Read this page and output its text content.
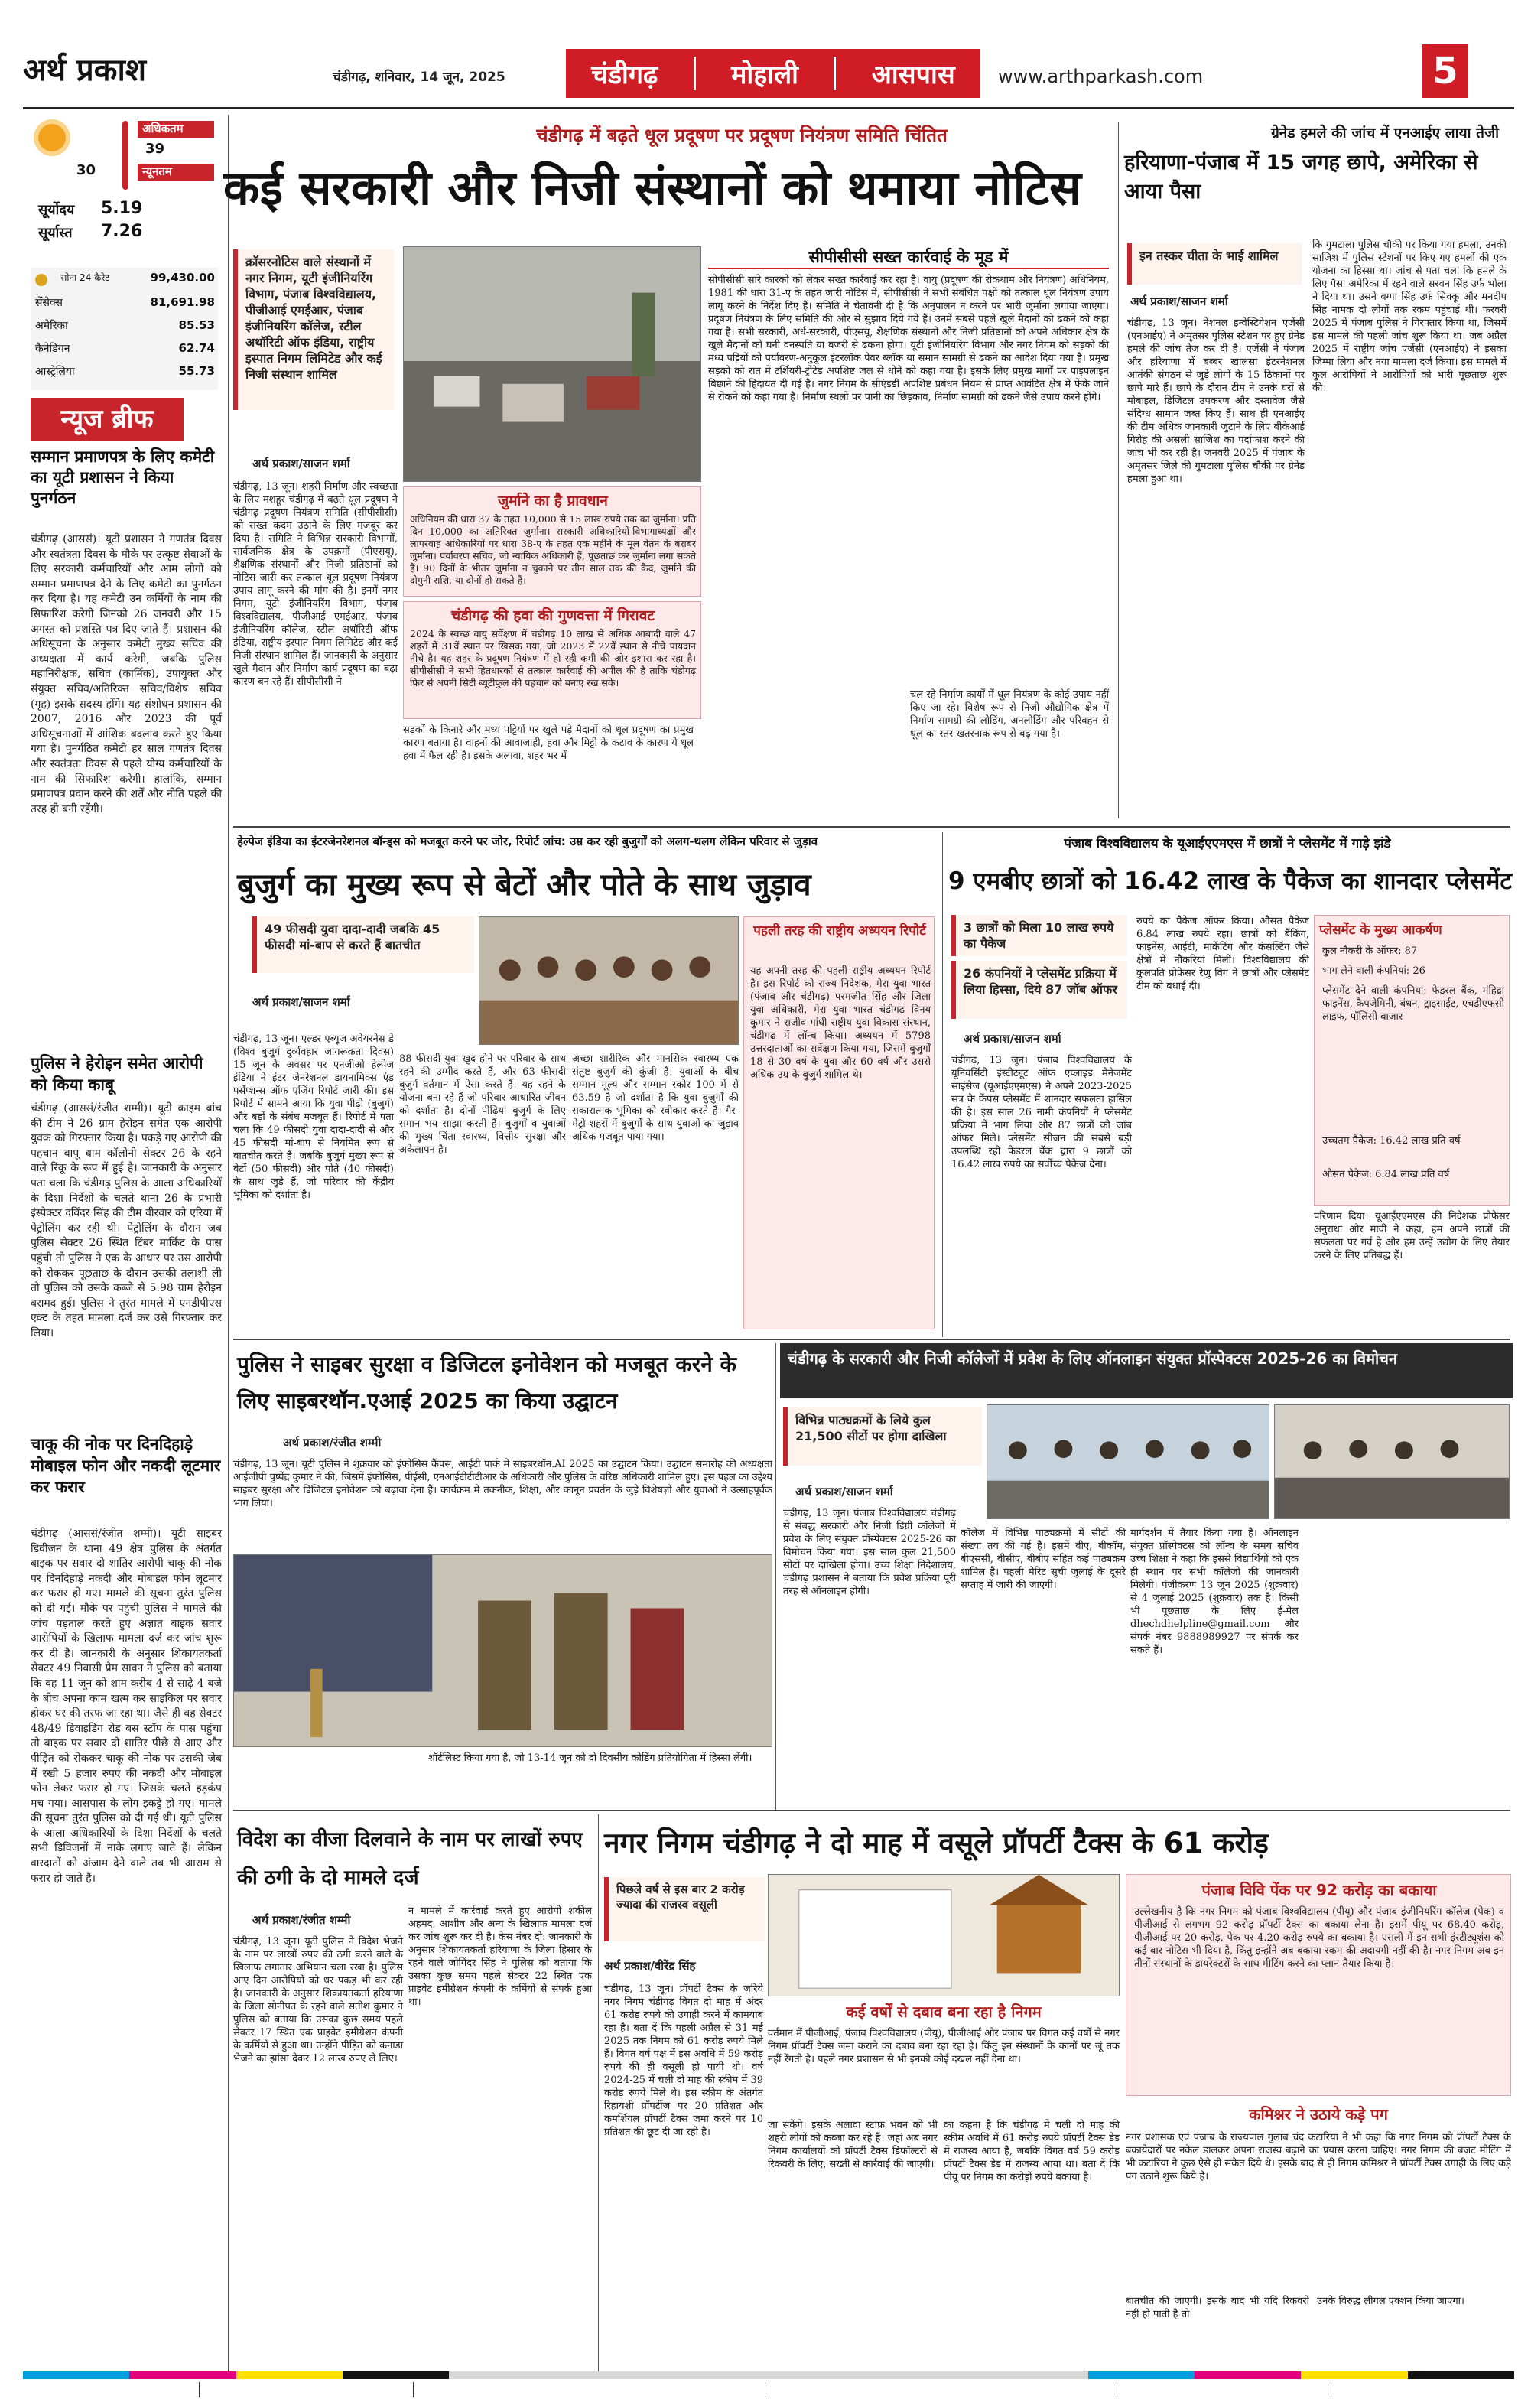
अर्थ प्रकाश	चंडीगढ़, शनिवार, 14 जून, 2025	चंडीगढ़	मोहाली	आसपास www.arthparkash.com	5
अधिकतम
39
30	न्यूनतम
सूर्योदय	5.19
सूर्यास्त	7.26
सोना 24 कैरेट	99,430.00
सेंसेक्स	81,691.98
अमेरिका	85.53
कैनेडियन	62.74
आस्ट्रेलिया	55.73
न्यूज ब्रीफ
सम्मान प्रमाणपत्र के लिए कमेटी का यूटी प्रशासन ने किया पुनर्गठन
चंडीगढ़ (आससं)। यूटी प्रशासन ने गणतंत्र दिवस और स्वतंत्रता दिवस के मौके पर उत्कृष्ट सेवाओं के लिए सरकारी कर्मचारियों और आम लोगों को सम्मान प्रमाणपत्र देने के लिए कमेटी का पुनर्गठन कर दिया है। यह कमेटी उन कर्मियों के नाम की सिफारिश करेगी जिनको 26 जनवरी और 15 अगस्त को प्रशस्ति पत्र दिए जाते हैं। प्रशासन की अधिसूचना के अनुसार कमेटी मुख्य सचिव की अध्यक्षता में कार्य करेगी, जबकि पुलिस महानिरीक्षक, सचिव (कार्मिक), उपायुक्त और संयुक्त सचिव/अतिरिक्त सचिव/विशेष सचिव (गृह) इसके सदस्य होंगे। यह संशोधन प्रशासन की 2007, 2016 और 2023 की पूर्व अधिसूचनाओं में आंशिक बदलाव करते हुए किया गया है। पुनर्गठित कमेटी हर साल गणतंत्र दिवस और स्वतंत्रता दिवस से पहले योग्य कर्मचारियों के नाम की सिफारिश करेगी। हालांकि, सम्मान प्रमाणपत्र प्रदान करने की शर्तें और नीति पहले की तरह ही बनी रहेंगी।
पुलिस ने हेरोइन समेत आरोपी को किया काबू
चंडीगढ़ (आससं/रंजीत शम्मी)। यूटी क्राइम ब्रांच की टीम ने 26 ग्राम हेरोइन समेत एक आरोपी युवक को गिरफ्तार किया है। पकड़े गए आरोपी की पहचान बापू धाम कॉलोनी सेक्टर 26 के रहने वाले रिंकू के रूप में हुई है। जानकारी के अनुसार पता चला कि चंडीगढ़ पुलिस के आला अधिकारियों के दिशा निर्देशों के चलते थाना 26 के प्रभारी इंस्पेक्टर दविंदर सिंह की टीम वीरवार को एरिया में पेट्रोलिंग कर रही थी। पेट्रोलिंग के दौरान जब पुलिस सेक्टर 26 स्थित टिंबर मार्किट के पास पहुंची तो पुलिस ने एक के आधार पर उस आरोपी को रोककर पूछताछ के दौरान उसकी तलाशी ली तो पुलिस को उसके कब्जे से 5.98 ग्राम हेरोइन बरामद हुई। पुलिस ने तुरंत मामले में एनडीपीएस एक्ट के तहत मामला दर्ज कर उसे गिरफ्तार कर लिया।
चाकू की नोक पर दिनदिहाड़े मोबाइल फोन और नकदी लूटमार कर फरार
चंडीगढ़ (आससं/रंजीत शम्मी)। यूटी साइबर डिवीजन के थाना 49 क्षेत्र पुलिस के अंतर्गत बाइक पर सवार दो शातिर आरोपी चाकू की नोक पर दिनदिहाड़े नकदी और मोबाइल फोन लूटमार कर फरार हो गए। मामले की सूचना तुरंत पुलिस को दी गई। मौके पर पहुंची पुलिस ने मामले की जांच पड़ताल करते हुए अज्ञात बाइक सवार आरोपियों के खिलाफ मामला दर्ज कर जांच शुरू कर दी है। जानकारी के अनुसार शिकायतकर्ता सेक्टर 49 निवासी प्रेम सावन ने पुलिस को बताया कि वह 11 जून को शाम करीब 4 से साढ़े 4 बजे के बीच अपना काम खत्म कर साइकिल पर सवार होकर घर की तरफ जा रहा था। जैसे ही वह सेक्टर 48/49 डिवाइडिंग रोड बस स्टॉप के पास पहुंचा तो बाइक पर सवार दो शातिर पीछे से आए और पीड़ित को रोककर चाकू की नोक पर उसकी जेब में रखी 5 हजार रुपए की नकदी और मोबाइल फोन लेकर फरार हो गए। जिसके चलते हड़कंप मच गया। आसपास के लोग इकट्ठे हो गए। मामले की सूचना तुरंत पुलिस को दी गई थी। यूटी पुलिस के आला अधिकारियों के दिशा निर्देशों के चलते सभी डिविजनों में नाके लगाए जाते हैं। लेकिन वारदातों को अंजाम देने वाले तब भी आराम से फरार हो जाते हैं।
चंडीगढ़ में बढ़ते धूल प्रदूषण पर प्रदूषण नियंत्रण समिति चिंतित
कई सरकारी और निजी संस्थानों को थमाया नोटिस
क्रॉसरनोटिस वाले संस्थानों में नगर निगम, यूटी इंजीनियरिंग विभाग, पंजाब विश्वविद्यालय, पीजीआई एमईआर, पंजाब इंजीनियरिंग कॉलेज, स्टील अथॉरिटी ऑफ इंडिया, राष्ट्रीय इस्पात निगम लिमिटेड और कई निजी संस्थान शामिल
अर्थ प्रकाश/साजन शर्मा
चंडीगढ़, 13 जून। शहरी निर्माण और स्वच्छता के लिए मशहूर चंडीगढ़ में बढ़ते धूल प्रदूषण ने चंडीगढ़ प्रदूषण नियंत्रण समिति (सीपीसीसी) को सख्त कदम उठाने के लिए मजबूर कर दिया है। समिति ने विभिन्न सरकारी विभागों, सार्वजनिक क्षेत्र के उपक्रमों (पीएसयू), शैक्षणिक संस्थानों और निजी प्रतिष्ठानों को नोटिस जारी कर तत्काल धूल प्रदूषण नियंत्रण उपाय लागू करने की मांग की है। इनमें नगर निगम, यूटी इंजीनियरिंग विभाग, पंजाब विश्वविद्यालय, पीजीआई एमईआर, पंजाब इंजीनियरिंग कॉलेज, स्टील अथॉरिटी ऑफ इंडिया, राष्ट्रीय इस्पात निगम लिमिटेड और कई निजी संस्थान शामिल हैं। जानकारी के अनुसार खुले मैदान और निर्माण कार्य प्रदूषण का बढ़ा कारण बन रहे हैं। सीपीसीसी ने
जुर्माने का है प्रावधान
अधिनियम की धारा 37 के तहत 10,000 से 15 लाख रुपये तक का जुर्माना। प्रति दिन 10,000 का अतिरिक्त जुर्माना। सरकारी अधिकारियों-विभागाध्यक्षों और लापरवाह अधिकारियों पर धारा 38-ए के तहत एक महीने के मूल वेतन के बराबर जुर्माना। पर्यावरण सचिव, जो न्यायिक अधिकारी हैं, पूछताछ कर जुर्माना लगा सकते हैं। 90 दिनों के भीतर जुर्माना न चुकाने पर तीन साल तक की कैद, जुर्माने की दोगुनी राशि, या दोनों हो सकते हैं।
चंडीगढ़ की हवा की गुणवत्ता में गिरावट
2024 के स्वच्छ वायु सर्वेक्षण में चंडीगढ़ 10 लाख से अधिक आबादी वाले 47 शहरों में 31वें स्थान पर खिसक गया, जो 2023 में 22वें स्थान से नीचे पायदान नीचे है। यह शहर के प्रदूषण नियंत्रण में हो रही कमी की ओर इशारा कर रहा है। सीपीसीसी ने सभी हितधारकों से तत्काल कार्रवाई की अपील की है ताकि चंडीगढ़ फिर से अपनी सिटी ब्यूटीफुल की पहचान को बनाए रख सके।
सड़कों के किनारे और मध्य पट्टियों पर खुले पड़े मैदानों को धूल प्रदूषण का प्रमुख कारण बताया है। वाहनों की आवाजाही, हवा और मिट्टी के कटाव के कारण ये धूल हवा में फैल रही है। इसके अलावा, शहर भर में
सीपीसीसी सख्त कार्रवाई के मूड में
सीपीसीसी सारे कारकों को लेकर सख्त कार्रवाई कर रहा है। वायु (प्रदूषण की रोकथाम और नियंत्रण) अधिनियम, 1981 की धारा 31-ए के तहत जारी नोटिस में, सीपीसीसी ने सभी संबंधित पक्षों को तत्काल धूल नियंत्रण उपाय लागू करने के निर्देश दिए हैं। समिति ने चेतावनी दी है कि अनुपालन न करने पर भारी जुर्माना लगाया जाएगा। प्रदूषण नियंत्रण के लिए समिति की ओर से सुझाव दिये गये हैं। उनमें सबसे पहले खुले मैदानों को ढकने को कहा गया है। सभी सरकारी, अर्ध-सरकारी, पीएसयू, शैक्षणिक संस्थानों और निजी प्रतिष्ठानों को अपने अधिकार क्षेत्र के खुले मैदानों को घनी वनस्पति या बजरी से ढकना होगा। यूटी इंजीनियरिंग विभाग और नगर निगम को सड़कों की मध्य पट्टियों को पर्यावरण-अनुकूल इंटरलॉक पेवर ब्लॉक या समान सामग्री से ढकने का आदेश दिया गया है। प्रमुख सड़कों को रात में टर्शियरी-ट्रीटेड अपशिष्ट जल से धोने को कहा गया है। इसके लिए प्रमुख मार्गों पर पाइपलाइन बिछाने की हिदायत दी गई है। नगर निगम के सीएंडडी अपशिष्ट प्रबंधन नियम से प्राप्त आवंटित क्षेत्र में फेंके जाने से रोकने को कहा गया है। निर्माण स्थलों पर पानी का छिड़काव, निर्माण सामग्री को ढकने जैसे उपाय करने होंगे।
चल रहे निर्माण कार्यों में धूल नियंत्रण के कोई उपाय नहीं किए जा रहे। विशेष रूप से निजी औद्योगिक क्षेत्र में निर्माण सामग्री की लोडिंग, अनलोडिंग और परिवहन से धूल का स्तर खतरनाक रूप से बढ़ गया है।
ग्रेनेड हमले की जांच में एनआईए लाया तेजी
हरियाणा-पंजाब में 15 जगह छापे, अमेरिका से आया पैसा
इन तस्कर चीता के भाई शामिल
अर्थ प्रकाश/साजन शर्मा
चंडीगढ़, 13 जून। नेशनल इन्वेस्टिगेशन एजेंसी (एनआईए) ने अमृतसर पुलिस स्टेशन पर हुए ग्रेनेड हमले की जांच तेज कर दी है। एजेंसी ने पंजाब और हरियाणा में बब्बर खालसा इंटरनेशनल आतंकी संगठन से जुड़े लोगों के 15 ठिकानों पर छापे मारे हैं। छापे के दौरान टीम ने उनके घरों से मोबाइल, डिजिटल उपकरण और दस्तावेज जैसे संदिग्ध सामान जब्त किए हैं। साथ ही एनआईए की टीम अधिक जानकारी जुटाने के लिए बीकेआई गिरोह की असली साजिश का पर्दाफाश करने की जांच भी कर रही है। जनवरी 2025 में पंजाब के अमृतसर जिले की गुमटाला पुलिस चौकी पर ग्रेनेड हमला हुआ था।
कि गुमटाला पुलिस चौकी पर किया गया हमला, उनकी साजिश में पुलिस स्टेशनों पर किए गए हमलों की एक योजना का हिस्सा था। जांच से पता चला कि हमले के लिए पैसा अमेरिका में रहने वाले सरवन सिंह उर्फ भोला ने दिया था। उसने बग्गा सिंह उर्फ सिक्कू और मनदीप सिंह नामक दो लोगों तक रकम पहुंचाई थी। फरवरी 2025 में पंजाब पुलिस ने गिरफ्तार किया था, जिसमें इस मामले की पहली जांच शुरू किया था। जब अप्रैल 2025 में राष्ट्रीय जांच एजेंसी (एनआईए) ने इसका जिम्मा लिया और नया मामला दर्ज किया। इस मामले में कुल आरोपियों ने आरोपियों को भारी पूछताछ शुरू की।
हेल्पेज इंडिया का इंटरजेनरेशनल बॉन्ड्स को मजबूत करने पर जोर, रिपोर्ट लांच: उम्र कर रही बुजुर्गों को अलग-थलग लेकिन परिवार से जुड़ाव
बुजुर्ग का मुख्य रूप से बेटों और पोते के साथ जुड़ाव
49 फीसदी युवा दादा-दादी जबकि 45 फीसदी मां-बाप से करते हैं बातचीत
पहली तरह की राष्ट्रीय अध्ययन रिपोर्ट
यह अपनी तरह की पहली राष्ट्रीय अध्ययन रिपोर्ट है। इस रिपोर्ट को राज्य निदेशक, मेरा युवा भारत (पंजाब और चंडीगढ़) परमजीत सिंह और जिला युवा अधिकारी, मेरा युवा भारत चंडीगढ़ विनय कुमार ने राजीव गांधी राष्ट्रीय युवा विकास संस्थान, चंडीगढ़ में लॉन्च किया। अध्ययन में 5798 उत्तरदाताओं का सर्वेक्षण किया गया, जिसमें बुजुर्गों 18 से 30 वर्ष के युवा और 60 वर्ष और उससे अधिक उम्र के बुजुर्ग शामिल थे।
अर्थ प्रकाश/साजन शर्मा
चंडीगढ़, 13 जून। एल्डर एब्यूज अवेयरनेस डे (विश्व बुजुर्ग दुर्व्यवहार जागरूकता दिवस) 15 जून के अवसर पर एनजीओ हेल्पेज इंडिया ने इंटर जेनरेशनल डायनामिक्स एंड पर्सेप्शन्स ऑफ एजिंग रिपोर्ट जारी की। इस रिपोर्ट में सामने आया कि युवा पीढ़ी (बुजुर्ग) और बड़ों के संबंध मजबूत हैं। रिपोर्ट में पता चला कि 49 फीसदी युवा दादा-दादी से और 45 फीसदी मां-बाप से नियमित रूप से बातचीत करते हैं। जबकि बुजुर्ग मुख्य रूप से बेटों (50 फीसदी) और पोते (40 फीसदी) के साथ जुड़े हैं, जो परिवार की केंद्रीय भूमिका को दर्शाता है।
88 फीसदी युवा खुद होने पर परिवार के साथ रहने की उम्मीद करते हैं, और 63 फीसदी बुजुर्ग वर्तमान में ऐसा करते हैं। यह रहने के योजना बना रहे हैं जो परिवार आधारित जीवन को दर्शाता है। दोनों पीढ़ियां बुजुर्ग के लिए समान भय साझा करती हैं। बुजुर्गों व युवाओं की मुख्य चिंता स्वास्थ्य, वित्तीय सुरक्षा और अकेलापन है।
अच्छा शारीरिक और मानसिक स्वास्थ्य एक संतुष्ट बुजुर्ग की कुंजी है। युवाओं के बीच सम्मान मूल्य और सम्मान स्कोर 100 में से 63.59 है जो दर्शाता है कि युवा बुजुर्गों की सकारात्मक भूमिका को स्वीकार करते हैं। गैर-मेट्रो शहरों में बुजुर्गों के साथ युवाओं का जुड़ाव अधिक मजबूत पाया गया।
पंजाब विश्वविद्यालय के यूआईएएमएस में छात्रों ने प्लेसमेंट में गाड़े झंडे
9 एमबीए छात्रों को 16.42 लाख के पैकेज का शानदार प्लेसमेंट
3 छात्रों को मिला 10 लाख रुपये का पैकेज
26 कंपनियों ने प्लेसमेंट प्रक्रिया में लिया हिस्सा, दिये 87 जॉब ऑफर
अर्थ प्रकाश/साजन शर्मा
चंडीगढ़, 13 जून। पंजाब विश्वविद्यालय के यूनिवर्सिटी इंस्टीट्यूट ऑफ एप्लाइड मैनेजमेंट साइंसेज (यूआईएएमएस) ने अपने 2023-2025 सत्र के कैंपस प्लेसमेंट में शानदार सफलता हासिल की है। इस साल 26 नामी कंपनियों ने प्लेसमेंट प्रक्रिया में भाग लिया और 87 छात्रों को जॉब ऑफर मिले। प्लेसमेंट सीजन की सबसे बड़ी उपलब्धि रही फेडरल बैंक द्वारा 9 छात्रों को 16.42 लाख रुपये का सर्वोच्च पैकेज देना।
रुपये का पैकेज ऑफर किया। औसत पैकेज 6.84 लाख रुपये रहा। छात्रों को बैंकिंग, फाइनेंस, आईटी, मार्केटिंग और कंसल्टिंग जैसे क्षेत्रों में नौकरियां मिलीं। विश्वविद्यालय की कुलपति प्रोफेसर रेणु विग ने छात्रों और प्लेसमेंट टीम को बधाई दी।
प्लेसमेंट के मुख्य आकर्षण
कुल नौकरी के ऑफर: 87
भाग लेने वाली कंपनियां: 26
प्लेसमेंट देने वाली कंपनियां: फेडरल बैंक, मंहिद्रा फाइनेंस, कैपजेमिनी, बंधन, ट्राइसाईट, एचडीएफसी लाइफ, पॉलिसी बाजार
उच्चतम पैकेज: 16.42 लाख प्रति वर्ष
औसत पैकेज: 6.84 लाख प्रति वर्ष
परिणाम दिया। यूआईएएमएस की निदेशक प्रोफेसर अनुराधा ओर मावी ने कहा, हम अपने छात्रों की सफलता पर गर्व है और हम उन्हें उद्योग के लिए तैयार करने के लिए प्रतिबद्ध हैं।
पुलिस ने साइबर सुरक्षा व डिजिटल इनोवेशन को मजबूत करने के लिए साइबरथॉन.एआई 2025 का किया उद्घाटन
अर्थ प्रकाश/रंजीत शम्मी
चंडीगढ़, 13 जून। यूटी पुलिस ने शुक्रवार को इंफोसिस कैंपस, आईटी पार्क में साइबरथॉन.AI 2025 का उद्घाटन किया। उद्घाटन समारोह की अध्यक्षता आईजीपी पुष्पेंद्र कुमार ने की, जिसमें इंफोसिस, पीईसी, एनआईटीटीटीआर के अधिकारी और पुलिस के वरिष्ठ अधिकारी शामिल हुए। इस पहल का उद्देश्य साइबर सुरक्षा और डिजिटल इनोवेशन को बढ़ावा देना है। कार्यक्रम में तकनीक, शिक्षा, और कानून प्रवर्तन के जुड़े विशेषज्ञों और युवाओं ने उत्साहपूर्वक भाग लिया।
शॉर्टलिस्ट किया गया है, जो 13-14 जून को दो दिवसीय कोडिंग प्रतियोगिता में हिस्सा लेंगी।
चंडीगढ़ के सरकारी और निजी कॉलेजों में प्रवेश के लिए ऑनलाइन संयुक्त प्रॉस्पेक्टस 2025-26 का विमोचन
विभिन्न पाठ्यक्रमों के लिये कुल 21,500 सीटों पर होगा दाखिला
अर्थ प्रकाश/साजन शर्मा
चंडीगढ़, 13 जून। पंजाब विश्वविद्यालय चंडीगढ़ से संबद्ध सरकारी और निजी डिग्री कॉलेजों में प्रवेश के लिए संयुक्त प्रॉस्पेक्टस 2025-26 का विमोचन किया गया। इस साल कुल 21,500 सीटों पर दाखिला होगा। उच्च शिक्षा निदेशालय, चंडीगढ़ प्रशासन ने बताया कि प्रवेश प्रक्रिया पूरी तरह से ऑनलाइन होगी।
कॉलेज में विभिन्न पाठ्यक्रमों में सीटों की संख्या तय की गई है। इसमें बीए, बीकॉम, बीएससी, बीसीए, बीबीए सहित कई पाठ्यक्रम शामिल हैं। पहली मेरिट सूची जुलाई के दूसरे सप्ताह में जारी की जाएगी।
मार्गदर्शन में तैयार किया गया है। ऑनलाइन संयुक्त प्रॉस्पेक्टस को लॉन्च के समय सचिव उच्च शिक्षा ने कहा कि इससे विद्यार्थियों को एक ही स्थान पर सभी कॉलेजों की जानकारी मिलेगी। पंजीकरण 13 जून 2025 (शुक्रवार) से 4 जुलाई 2025 (शुक्रवार) तक है। किसी भी पूछताछ के लिए ई-मेल dhechdhelpline@gmail.com और संपर्क नंबर 9888989927 पर संपर्क कर सकते हैं।
विदेश का वीजा दिलवाने के नाम पर लाखों रुपए की ठगी के दो मामले दर्ज
अर्थ प्रकाश/रंजीत शम्मी
चंडीगढ़, 13 जून। यूटी पुलिस ने विदेश भेजने के नाम पर लाखों रुपए की ठगी करने वाले के खिलाफ लगातार अभियान चला रखा है। पुलिस आए दिन आरोपियों को धर पकड़ भी कर रही है। जानकारी के अनुसार शिकायतकर्ता हरियाणा के जिला सोनीपत के रहने वाले सतीश कुमार ने पुलिस को बताया कि उसका कुछ समय पहले सेक्टर 17 स्थित एक प्राइवेट इमीग्रेशन कंपनी के कर्मियों से हुआ था। उन्होंने पीड़ित को कनाडा भेजने का झांसा देकर 12 लाख रुपए ले लिए।
न मामले में कार्रवाई करते हुए आरोपी शकील अहमद, आशीष और अन्य के खिलाफ मामला दर्ज कर जांच शुरू कर दी है। केस नंबर दो: जानकारी के अनुसार शिकायतकर्ता हरियाणा के जिला हिसार के रहने वाले जोगिंदर सिंह ने पुलिस को बताया कि उसका कुछ समय पहले सेक्टर 22 स्थित एक प्राइवेट इमीग्रेशन कंपनी के कर्मियों से संपर्क हुआ था।
नगर निगम चंडीगढ़ ने दो माह में वसूले प्रॉपर्टी टैक्स के 61 करोड़
पिछले वर्ष से इस बार 2 करोड़ ज्यादा की राजस्व वसूली
अर्थ प्रकाश/वीरेंद्र सिंह
चंडीगढ़, 13 जून। प्रॉपर्टी टैक्स के जरिये नगर निगम चंडीगढ़ विगत दो माह में अंदर 61 करोड़ रुपये की उगाही करने में कामयाब रहा है। बता दें कि पहली अप्रैल से 31 मई 2025 तक निगम को 61 करोड़ रुपये मिले हैं। विगत वर्ष पक्ष में इस अवधि में 59 करोड़ रुपये की ही वसूली हो पायी थी। वर्ष 2024-25 में चली दो माह की स्कीम में 39 करोड़ रुपये मिले थे। इस स्कीम के अंतर्गत रिहायशी प्रॉपर्टीज पर 20 प्रतिशत और कमर्शियल प्रॉपर्टी टैक्स जमा करने पर 10 प्रतिशत की छूट दी जा रही है।
कई वर्षों से दबाव बना रहा है निगम
वर्तमान में पीजीआई, पंजाब विश्वविद्यालय (पीयू), पीजीआई और पंजाब पर विगत कई वर्षों से नगर निगम प्रॉपर्टी टैक्स जमा कराने का दबाव बना रहा रहा है। किंतु इन संस्थानों के कानों पर जूं तक नहीं रेंगती है। पहले नगर प्रशासन से भी इनको कोई दखल नहीं देना था।
जा सकेंगे। इसके अलावा स्टाफ़ भवन को भी शहरी लोगों को कब्जा कर रहे हैं। जहां अब नगर निगम कार्यालयों को प्रॉपर्टी टैक्स डिफॉल्टरों से रिकवरी के लिए, सख्ती से कार्रवाई की जाएगी।
का कहना है कि चंडीगढ़ में चली दो माह की स्कीम अवधि में 61 करोड़ रुपये प्रॉपर्टी टैक्स डेड में राजस्व आया है, जबकि विगत वर्ष 59 करोड़ प्रॉपर्टी टैक्स डेड में राजस्व आया था। बता दें कि पीयू पर निगम का करोड़ों रुपये बकाया है।
पंजाब विवि पेंक पर 92 करोड़ का बकाया
उल्लेखनीय है कि नगर निगम को पंजाब विश्वविद्यालय (पीयू) और पंजाब इंजीनियरिंग कॉलेज (पेक) व पीजीआई से लगभग 92 करोड़ प्रॉपर्टी टैक्स का बकाया लेना है। इसमें पीयू पर 68.40 करोड़, पीजीआई पर 20 करोड़, पेक पर 4.20 करोड़ रुपये का बकाया है। एसली में इन सभी इंस्टीट्यूशंस को कई बार नोटिस भी दिया है, किंतु इन्होंने अब बकाया रकम की अदायगी नहीं की है। नगर निगम अब इन तीनों संस्थानों के डायरेक्टरों के साथ मीटिंग करने का प्लान तैयार किया है।
कमिश्नर ने उठाये कड़े पग
नगर प्रशासक एवं पंजाब के राज्यपाल गुलाब चंद कटारिया ने भी कहा कि नगर निगम को प्रॉपर्टी टैक्स के बकायेदारों पर नकेल डालकर अपना राजस्व बढ़ाने का प्रयास करना चाहिए। नगर निगम की बजट मीटिंग में भी कटारिया ने कुछ ऐसे ही संकेत दिये थे। इसके बाद से ही निगम कमिश्नर ने प्रॉपर्टी टैक्स उगाही के लिए कड़े पग उठाने शुरू किये हैं।
बातचीत की जाएगी। इसके बाद भी यदि रिकवरी नहीं हो पाती है तो
उनके विरुद्ध लीगल एक्शन किया जाएगा।
